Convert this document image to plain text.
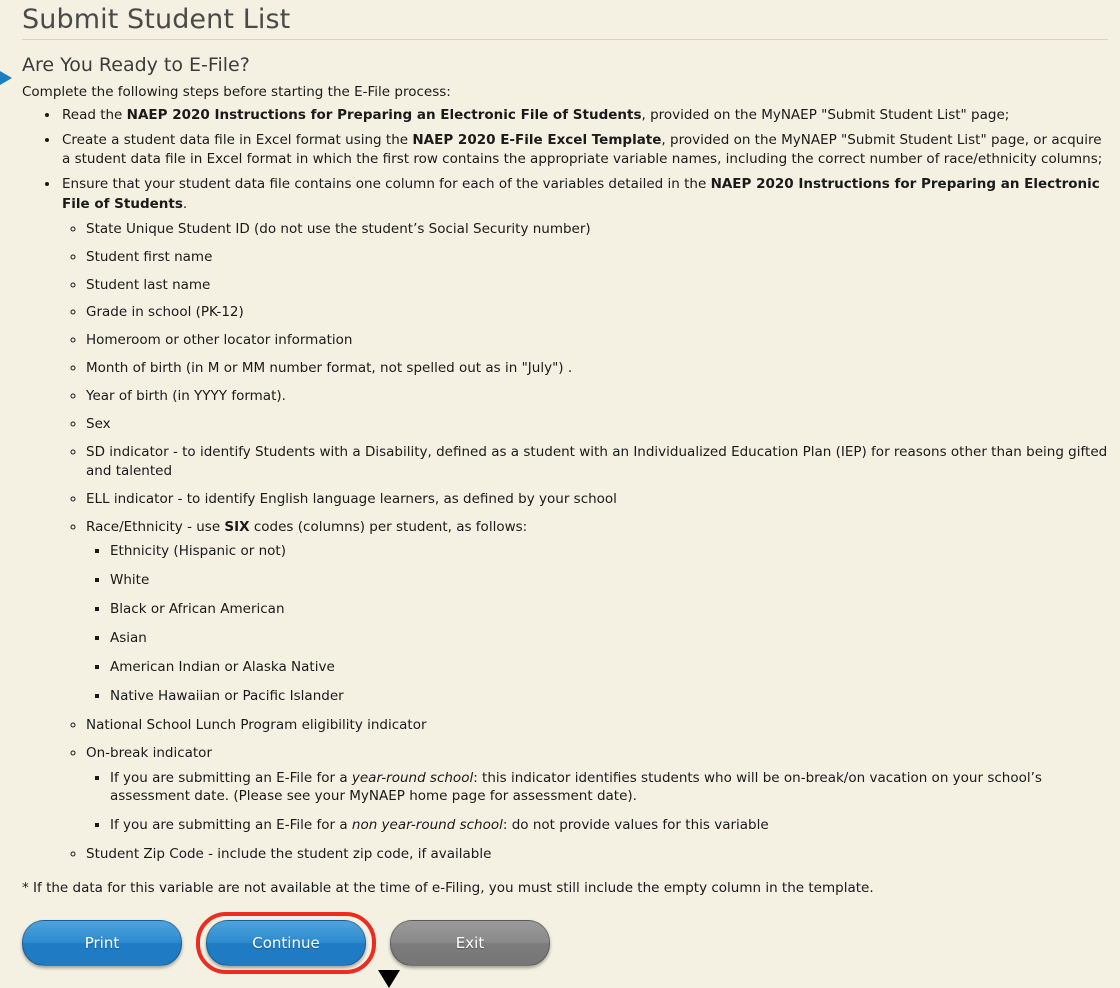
Submit Student List
Are You Ready to E-File?

Complete the following steps before starting the E-File process:

• Read the NAEP 2020 Instructions for Preparing an Electronic File of Students, provided on the MyNAEP "Submit Student List" page;
• Create a student data file in Excel format using the NAEP 2020 E-File Excel Template, provided on the MyNAEP "Submit Student List" page, or acquire a student data file in Excel format in which the first row contains the appropriate variable names, including the correct number of race/ethnicity columns;
• Ensure that your student data file contains one column for each of the variables detailed in the NAEP 2020 Instructions for Preparing an Electronic File of Students.
◦ State Unique Student ID (do not use the student’s Social Security number)
◦ Student first name
◦ Student last name
◦ Grade in school (PK-12)
◦ Homeroom or other locator information
◦ Month of birth (in M or MM number format, not spelled out as in "July") .
◦ Year of birth (in YYYY format).
◦ Sex
◦ SD indicator - to identify Students with a Disability, defined as a student with an Individualized Education Plan (IEP) for reasons other than being gifted and talented
◦ ELL indicator - to identify English language learners, as defined by your school
◦ Race/Ethnicity - use SIX codes (columns) per student, as follows:
▪ Ethnicity (Hispanic or not)
▪ White
▪ Black or African American
▪ Asian
▪ American Indian or Alaska Native
▪ Native Hawaiian or Pacific Islander
◦ National School Lunch Program eligibility indicator
◦ On-break indicator
▪ If you are submitting an E-File for a year-round school: this indicator identifies students who will be on-break/on vacation on your school’s assessment date. (Please see your MyNAEP home page for assessment date).
▪ If you are submitting an E-File for a non year-round school: do not provide values for this variable
◦ Student Zip Code - include the student zip code, if available

* If the data for this variable are not available at the time of e-Filing, you must still include the empty column in the template.

Print	Continue	Exit
